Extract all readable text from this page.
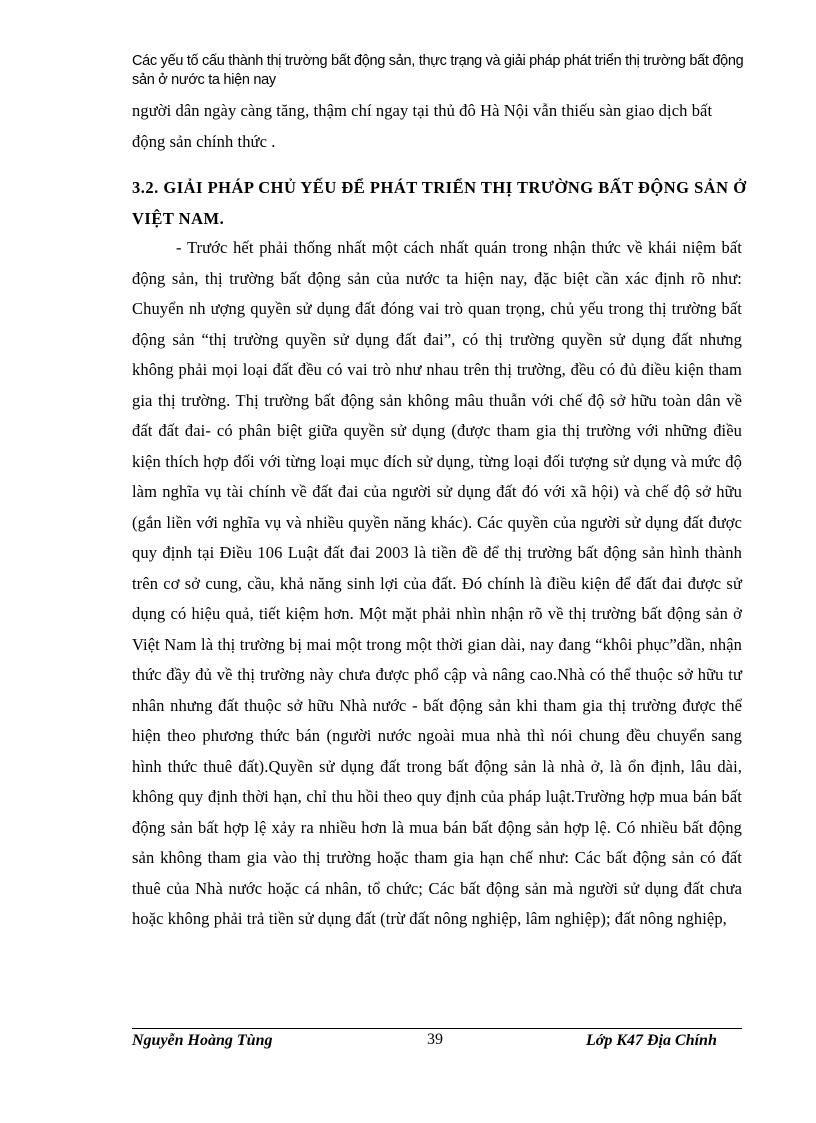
Các yếu tố cấu thành thị trường bất động sản, thực trạng và giải pháp phát triển thị trường bất động sản ở nước ta hiện nay
người dân ngày càng tăng, thậm chí ngay tại thủ đô Hà Nội vẫn thiếu sàn giao dịch bất động sản chính thức .
3.2. GIẢI PHÁP CHỦ YẾU ĐỂ PHÁT TRIỂN THỊ TRƯỜNG BẤT ĐỘNG SẢN Ở VIỆT NAM.
- Trước hết phải thống nhất một cách nhất quán trong nhận thức về khái niệm bất động sản, thị trường bất động sản của nước ta hiện nay, đặc biệt cần xác định rõ như: Chuyển nh ượng quyền sử dụng đất đóng vai trò quan trọng, chủ yếu trong thị trường bất động sản “thị trường quyền sử dụng đất đai”, có thị trường quyền sử dụng đất nhưng không phải mọi loại đất đều có vai trò như nhau trên thị trường, đều có đủ điều kiện tham gia thị trường. Thị trường bất động sản không mâu thuẫn với chế độ sở hữu toàn dân về đất đất đai- có phân biệt giữa quyền sử dụng (được tham gia thị trường với những điều kiện thích hợp đối với từng loại mục đích sử dụng, từng loại đối tượng sử dụng và mức độ làm nghĩa vụ tài chính về đất đai của người sử dụng đất đó với xã hội) và chế độ sở hữu (gắn liền với nghĩa vụ và nhiều quyền năng khác). Các quyền của người sử dụng đất được quy định tại Điều 106 Luật đất đai 2003 là tiền đề để thị trường bất động sản hình thành trên cơ sở cung, cầu, khả năng sinh lợi của đất. Đó chính là điều kiện để đất đai được sử dụng có hiệu quả, tiết kiệm hơn. Một mặt phải nhìn nhận rõ về thị trường bất động sản ở Việt Nam là thị trường bị mai một trong một thời gian dài, nay đang “khôi phục”dần, nhận thức đầy đủ về thị trường này chưa được phổ cập và nâng cao.Nhà có thể thuộc sở hữu tư nhân nhưng đất thuộc sở hữu Nhà nước - bất động sản khi tham gia thị trường được thể hiện theo phương thức bán (người nước ngoài mua nhà thì nói chung đều chuyển sang hình thức thuê đất).Quyền sử dụng đất trong bất động sản là nhà ở, là ổn định, lâu dài, không quy định thời hạn, chỉ thu hồi theo quy định của pháp luật.Trường hợp mua bán bất động sản bất hợp lệ xảy ra nhiều hơn là mua bán bất động sản hợp lệ. Có nhiều bất động sản không tham gia vào thị trường hoặc tham gia hạn chế như: Các bất động sản có đất thuê của Nhà nước hoặc cá nhân, tổ chức; Các bất động sản mà người sử dụng đất chưa hoặc không phải trả tiền sử dụng đất (trừ đất nông nghiệp, lâm nghiệp); đất nông nghiệp,
Nguyễn Hoàng Tùng	39	Lớp K47 Địa Chính
